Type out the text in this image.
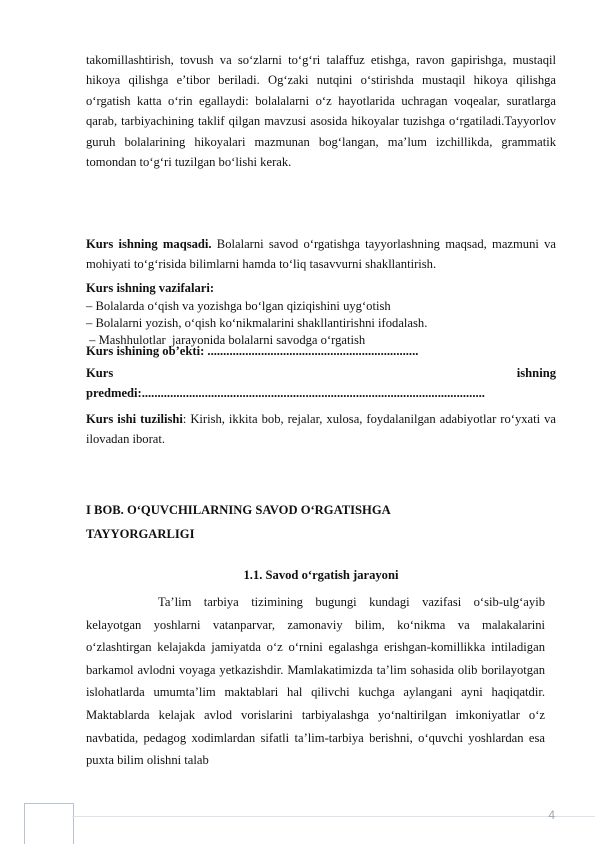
takomillashtirish, tovush va so‘zlarni to‘g‘ri talaffuz etishga, ravon gapirishga, mustaqil hikoya qilishga e’tibor beriladi. Og‘zaki nutqini o‘stirishda mustaqil hikoya qilishga o‘rgatish katta o‘rin egallaydi: bolalalarni o‘z hayotlarida uchragan voqealar, suratlarga qarab, tarbiyachining taklif qilgan mavzusi asosida hikoyalar tuzishga o‘rgatiladi.Tayyorlov guruh bolalarining hikoyalari mazmunan bog‘langan, ma’lum izchillikda, grammatik tomondan to‘g‘ri tuzilgan bo‘lishi kerak.

Kurs ishning maqsadi. Bolalarni savod o‘rgatishga tayyorlashning maqsad, mazmuni va mohiyati to‘g‘risida bilimlarni hamda to‘liq tasavvurni shakllantirish.

Kurs ishning vazifalari:

– Bolalarda o‘qish va yozishga bo‘lgan qiziqishini uyg‘otish

– Bolalarni yozish, o‘qish ko‘nikmalarini shakllantirishni ifodalash.

– Mashhulotlar  jarayonida bolalarni savodga o‘rgatish

Kurs ishining ob’ekti: ...................................................................

Kurs	ishning

predmedi:.............................................................................................................

Kurs ishi tuzilishi: Kirish, ikkita bob, rejalar, xulosa, foydalanilgan adabiyotlar ro‘yxati va ilovadan iborat.

I BOB. O‘QUVCHILARNING SAVOD O‘RGATISHGA

TAYYORGARLIGI

1.1. Savod o‘rgatish jarayoni

Ta’lim tarbiya tizimining bugungi kundagi vazifasi o‘sib-ulg‘ayib kelayotgan yoshlarni vatanparvar, zamonaviy bilim, ko‘nikma va malakalarini o‘zlashtirgan kelajakda jamiyatda o‘z o‘rnini egalashga erishgan-komillikka intiladigan barkamol avlodni voyaga yetkazishdir. Mamlakatimizda ta’lim sohasida olib borilayotgan islohatlarda umumta’lim maktablari hal qilivchi kuchga aylangani ayni haqiqatdir. Maktablarda kelajak avlod vorislarini tarbiyalashga yo‘naltirilgan imkoniyatlar o‘z navbatida, pedagog xodimlardan sifatli ta’lim-tarbiya berishni, o‘quvchi yoshlardan esa puxta bilim olishni talab

4
